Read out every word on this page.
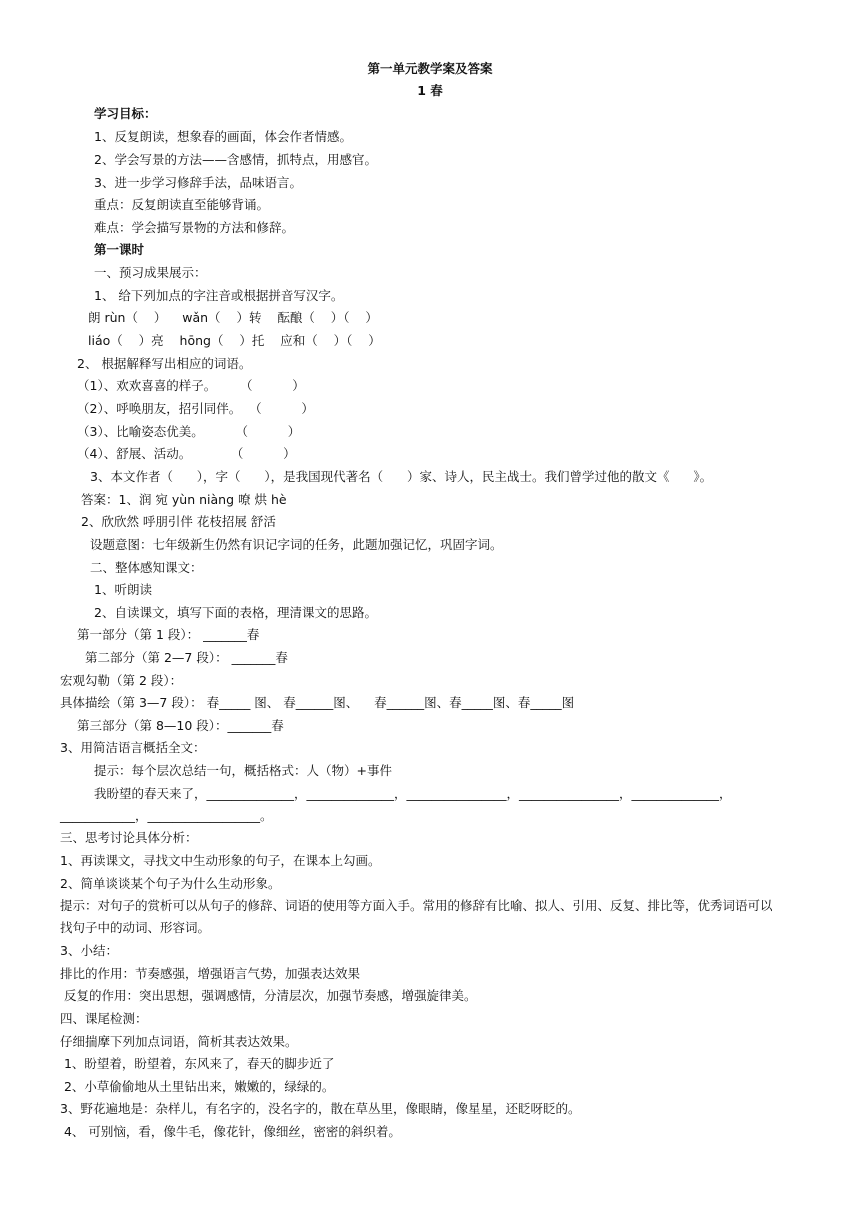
第一单元教学案及答案
1 春
学习目标：
1、反复朗读，想象春的画面，体会作者情感。
2、学会写景的方法——含感情，抓特点，用感官。
3、进一步学习修辞手法，品味语言。
重点：反复朗读直至能够背诵。
难点：学会描写景物的方法和修辞。
第一课时
一、预习成果展示：
1、 给下列加点的字注音或根据拼音写汉字。
朗 rùn（    ）    wǎn（    ）转    酝酿（    ）（    ）
liáo（    ）亮    hōng（    ）托    应和（    ）（    ）
2、 根据解释写出相应的词语。
（1）、欢欢喜喜的样子。      （          ）
（2）、呼唤朋友，招引同伴。  （          ）
（3）、比喻姿态优美。        （          ）
（4）、舒展、活动。          （          ）
3、本文作者（      ），字（      ），是我国现代著名（      ）家、诗人，民主战士。我们曾学过他的散文《      》。
答案：1、润 宛 yùn niàng 嘹 烘 hè
2、欣欣然 呼朋引伴 花枝招展 舒活
设题意图：七年级新生仍然有识记字词的任务，此题加强记忆，巩固字词。
二、整体感知课文：
1、听朗读
2、自读课文，填写下面的表格，理清课文的思路。
第一部分（第 1 段）： _______春
第二部分（第 2—7 段）： _______春
宏观勾勒（第 2 段）：
具体描绘（第 3—7 段）： 春_____ 图、 春______图、    春______图、春_____图、春_____图
第三部分（第 8—10 段）：_______春
3、用简洁语言概括全文：
提示：每个层次总结一句，概括格式：人（物）+事件
我盼望的春天来了，______________，______________，________________，________________，______________，
____________，__________________。
三、思考讨论具体分析：
1、再读课文，寻找文中生动形象的句子，在课本上勾画。
2、简单谈谈某个句子为什么生动形象。
提示：对句子的赏析可以从句子的修辞、词语的使用等方面入手。常用的修辞有比喻、拟人、引用、反复、排比等，优秀词语可以
找句子中的动词、形容词。
3、小结：
排比的作用：节奏感强，增强语言气势，加强表达效果
反复的作用：突出思想，强调感情，分清层次，加强节奏感，增强旋律美。
四、课尾检测：
仔细揣摩下列加点词语，简析其表达效果。
1、盼望着，盼望着，东风来了，春天的脚步近了
2、小草偷偷地从土里钻出来，嫩嫩的，绿绿的。
3、野花遍地是：杂样儿，有名字的，没名字的，散在草丛里，像眼睛，像星星，还眨呀眨的。
4、 可别恼，看，像牛毛，像花针，像细丝，密密的斜织着。
